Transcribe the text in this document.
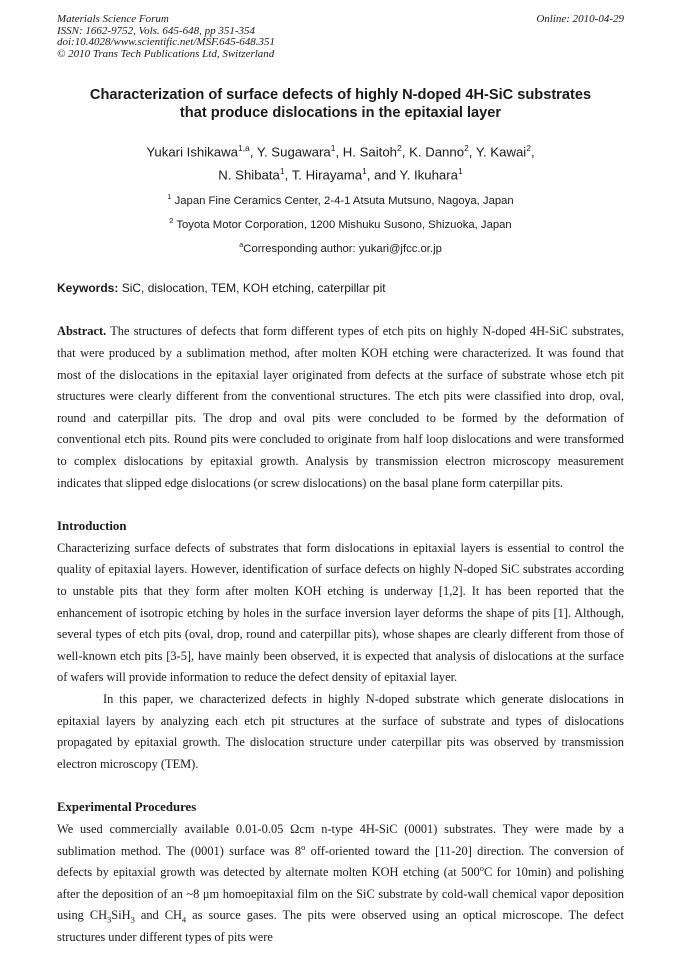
Materials Science Forum
ISSN: 1662-9752, Vols. 645-648, pp 351-354
doi:10.4028/www.scientific.net/MSF.645-648.351
© 2010 Trans Tech Publications Ltd, Switzerland
Online: 2010-04-29
Characterization of surface defects of highly N-doped 4H-SiC substrates
that produce dislocations in the epitaxial layer
Yukari Ishikawa$^{1,a}$, Y. Sugawara$^1$, H. Saitoh$^2$, K. Danno$^2$, Y. Kawai$^2$,
N. Shibata$^1$, T. Hirayama$^1$, and Y. Ikuhara$^1$
$^1$ Japan Fine Ceramics Center, 2-4-1 Atsuta Mutsuno, Nagoya, Japan
$^2$ Toyota Motor Corporation, 1200 Mishuku Susono, Shizuoka, Japan
$^a$Corresponding author: yukari@jfcc.or.jp
Keywords: SiC, dislocation, TEM, KOH etching, caterpillar pit

Abstract. The structures of defects that form different types of etch pits on highly N-doped 4H-SiC substrates, that were produced by a sublimation method, after molten KOH etching were characterized. It was found that most of the dislocations in the epitaxial layer originated from defects at the surface of substrate whose etch pit structures were clearly different from the conventional structures. The etch pits were classified into drop, oval, round and caterpillar pits. The drop and oval pits were concluded to be formed by the deformation of conventional etch pits. Round pits were concluded to originate from half loop dislocations and were transformed to complex dislocations by epitaxial growth. Analysis by transmission electron microscopy measurement indicates that slipped edge dislocations (or screw dislocations) on the basal plane form caterpillar pits.

Introduction

Characterizing surface defects of substrates that form dislocations in epitaxial layers is essential to control the quality of epitaxial layers. However, identification of surface defects on highly N-doped SiC substrates according to unstable pits that they form after molten KOH etching is underway [1,2]. It has been reported that the enhancement of isotropic etching by holes in the surface inversion layer deforms the shape of pits [1]. Although, several types of etch pits (oval, drop, round and caterpillar pits), whose shapes are clearly different from those of well-known etch pits [3-5], have mainly been observed, it is expected that analysis of dislocations at the surface of wafers will provide information to reduce the defect density of epitaxial layer.

In this paper, we characterized defects in highly N-doped substrate which generate dislocations in epitaxial layers by analyzing each etch pit structures at the surface of substrate and types of dislocations propagated by epitaxial growth. The dislocation structure under caterpillar pits was observed by transmission electron microscopy (TEM).

Experimental Procedures

We used commercially available 0.01-0.05 Ωcm n-type 4H-SiC (0001) substrates. They were made by a sublimation method. The (0001) surface was 8$^o$ off-oriented toward the [11-20] direction. The conversion of defects by epitaxial growth was detected by alternate molten KOH etching (at 500$^o$C for 10min) and polishing after the deposition of an ~8 μm homoepitaxial film on the SiC substrate by cold-wall chemical vapor deposition using $CH_3SiH_3$ and $CH_4$ as source gases. The pits were observed using an optical microscope. The defect structures under different types of pits were
